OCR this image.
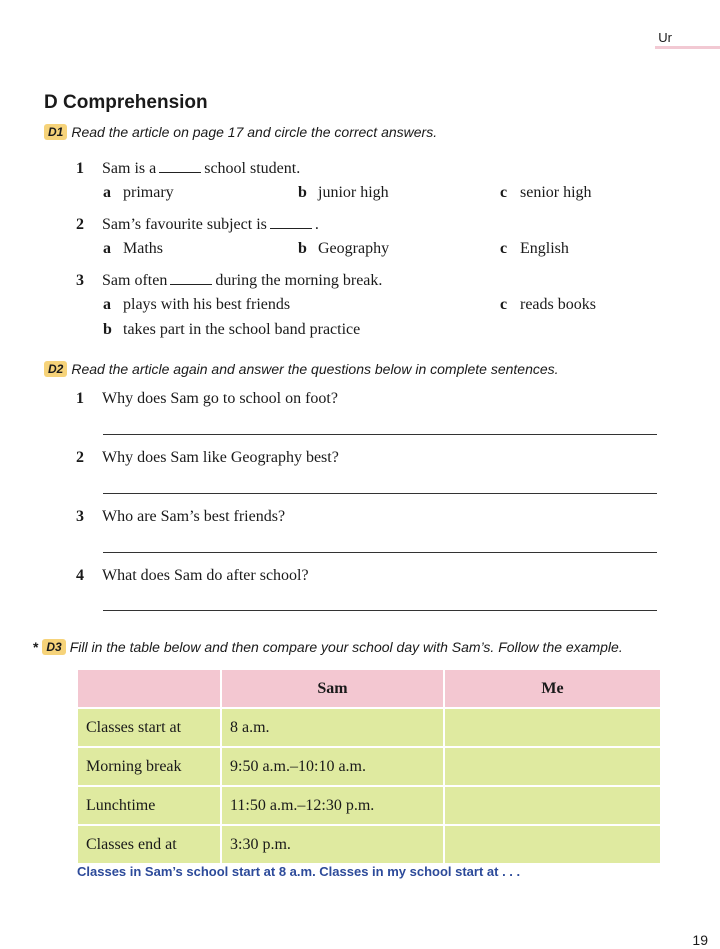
Ur
D Comprehension
D1 Read the article on page 17 and circle the correct answers.
1 Sam is a	school student.
a primary	b junior high	c senior high
2 Sam’s favourite subject is	.
a Maths	b Geography	c English
3 Sam often	during the morning break.
a plays with his best friends	c reads books
b takes part in the school band practice
D2 Read the article again and answer the questions below in complete sentences.
1 Why does Sam go to school on foot?
2 Why does Sam like Geography best?
3 Who are Sam’s best friends?
4 What does Sam do after school?
* D3 Fill in the table below and then compare your school day with Sam’s. Follow the example.
	Sam	Me
Classes start at	8 a.m.	
Morning break	9:50 a.m.–10:10 a.m.	
Lunchtime	11:50 a.m.–12:30 p.m.	
Classes end at	3:30 p.m.	
Classes in Sam’s school start at 8 a.m. Classes in my school start at . . .
19
